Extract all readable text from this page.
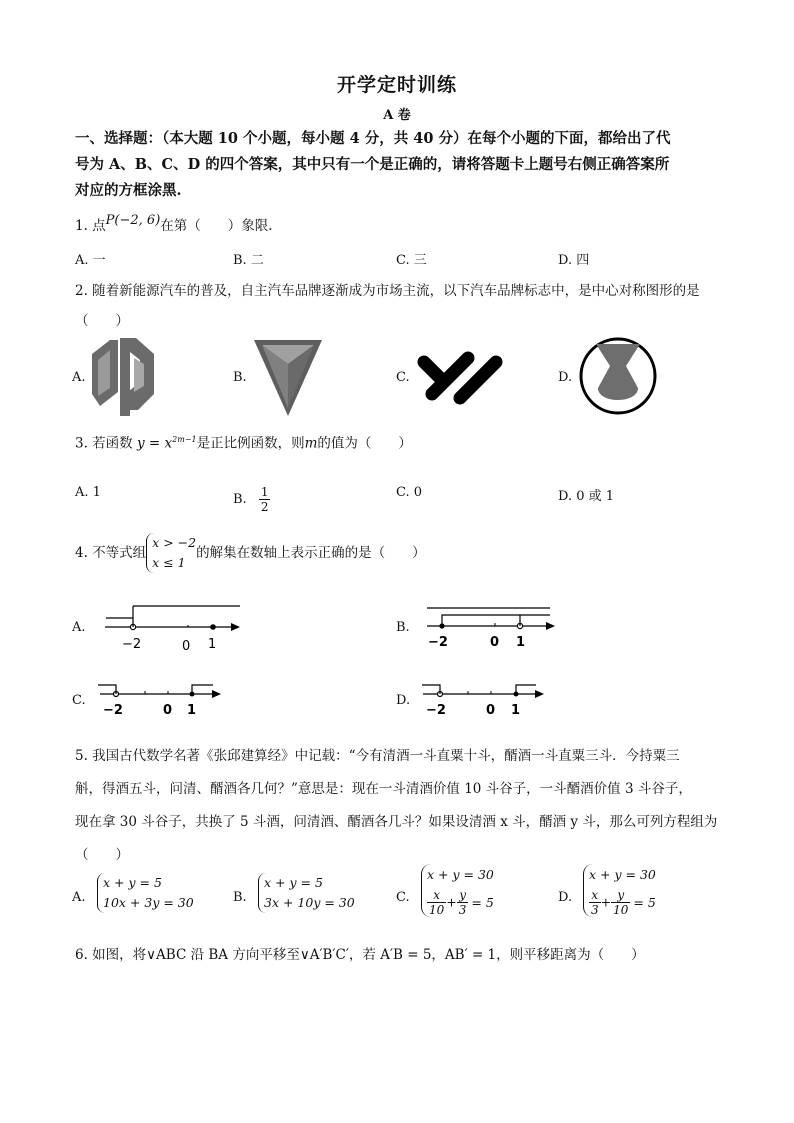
开学定时训练
A 卷
一、选择题：（本大题 10 个小题，每小题 4 分，共 40 分）在每个小题的下面，都给出了代
号为 A、B、C、D 的四个答案，其中只有一个是正确的，请将答题卡上题号右侧正确答案所
对应的方框涂黑.
1. 点P(−2, 6)在第（　　）象限.
A. 一	B. 二	C. 三	D. 四
2. 随着新能源汽车的普及，自主汽车品牌逐渐成为市场主流，以下汽车品牌标志中，是中心对称图形的是
（　　）
A.	B.	C.	D.
3. 若函数 $y = x^{2m-1}$是正比例函数，则m的值为（　　）
A. 1	B. $\frac{1}{2}$	C. 0	D. 0 或 1
4. 不等式组
x > −2
x ≤ 1
的解集在数轴上表示正确的是（　　）
A.	B.
C.	D.
−2	0 1	−2	0 1
−2	0 1	−2	0 1
5. 我国古代数学名著《张邱建算经》中记载：“今有清酒一斗直粟十斗，醑酒一斗直粟三斗．今持粟三
斛，得酒五斗，问清、醑酒各几何？”意思是：现在一斗清酒价值 10 斗谷子，一斗醑酒价值 3 斗谷子，
现在拿 30 斗谷子，共换了 5 斗酒，问清酒、醑酒各几斗？如果设清酒 x 斗，醑酒 y 斗，那么可列方程组为
（　　）
A.
x + y = 5
10x + 3y = 30	B.
x + y = 5
3x + 10y = 30	C.
x + y = 30
$\frac{x}{10} + \frac{y}{3} = 5$	D.
x + y = 30
$\frac{x}{3} + \frac{y}{10} = 5$
6. 如图，将∨ABC 沿 BA 方向平移至∨A′B′C′，若 A′B = 5，AB′ = 1，则平移距离为（　　）
